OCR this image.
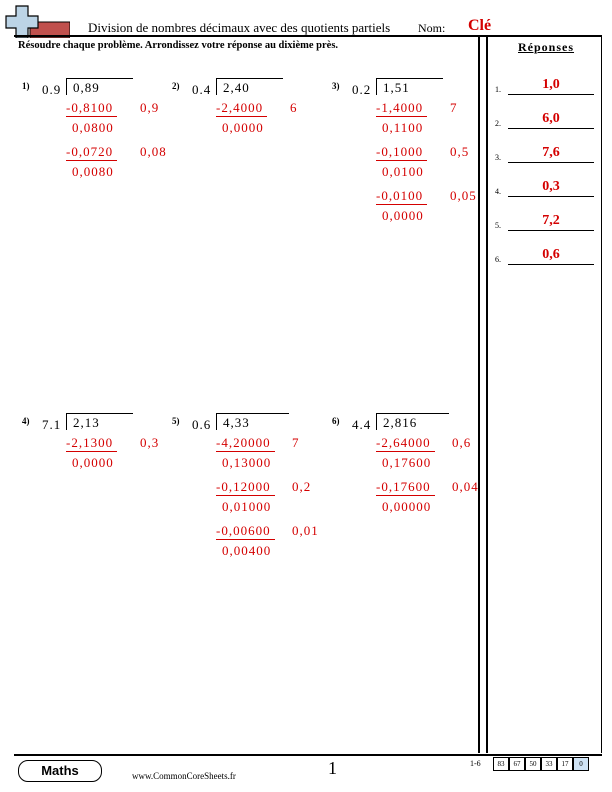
Division de nombres décimaux avec des quotients partiels Nom: Clé
Résoudre chaque problème. Arrondissez votre réponse au dixième près.	Réponses
1.	1,0
2.	6,0
3.	7,6
4.	0,3
5.	7,2
6.	0,6
1) 0.9 0,89
-0,8100	0,9
0,0800
-0,0720	0,08
0,0080
2) 0.4 2,40
-2,4000	6
0,0000
3) 0.2 1,51
-1,4000	7
0,1100
-0,1000	0,5
0,0100
-0,0100	0,05
0,0000
4) 7.1 2,13
-2,1300	0,3
0,0000
5) 0.6 4,33
-4,20000	7
0,13000
-0,12000	0,2
0,01000
-0,00600	0,01
0,00400
6) 4.4 2,816
-2,64000	0,6
0,17600
-0,17600	0,04
0,00000
Maths	www.CommonCoreSheets.fr	1	1-6	83	67	50	33	17	0
